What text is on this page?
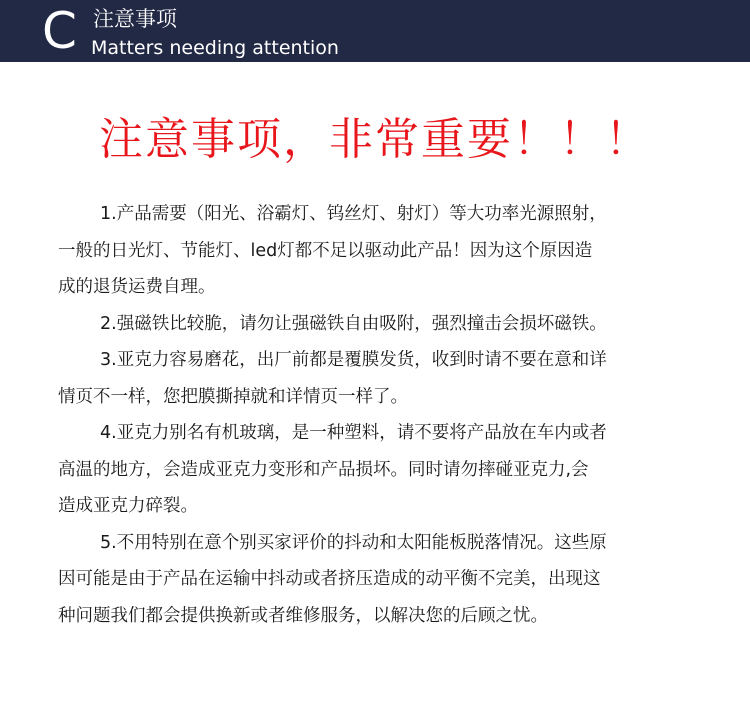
C 注意事项
Matters needing attention
注意事项，非常重要！！！
1.产品需要（阳光、浴霸灯、钨丝灯、射灯）等大功率光源照射，
一般的日光灯、节能灯、led灯都不足以驱动此产品！因为这个原因造
成的退货运费自理。
2.强磁铁比较脆，请勿让强磁铁自由吸附，强烈撞击会损坏磁铁。
3.亚克力容易磨花，出厂前都是覆膜发货，收到时请不要在意和详
情页不一样，您把膜撕掉就和详情页一样了。
4.亚克力别名有机玻璃，是一种塑料，请不要将产品放在车内或者
高温的地方，会造成亚克力变形和产品损坏。同时请勿摔碰亚克力,会
造成亚克力碎裂。
5.不用特别在意个别买家评价的抖动和太阳能板脱落情况。这些原
因可能是由于产品在运输中抖动或者挤压造成的动平衡不完美，出现这
种问题我们都会提供换新或者维修服务，以解决您的后顾之忧。
